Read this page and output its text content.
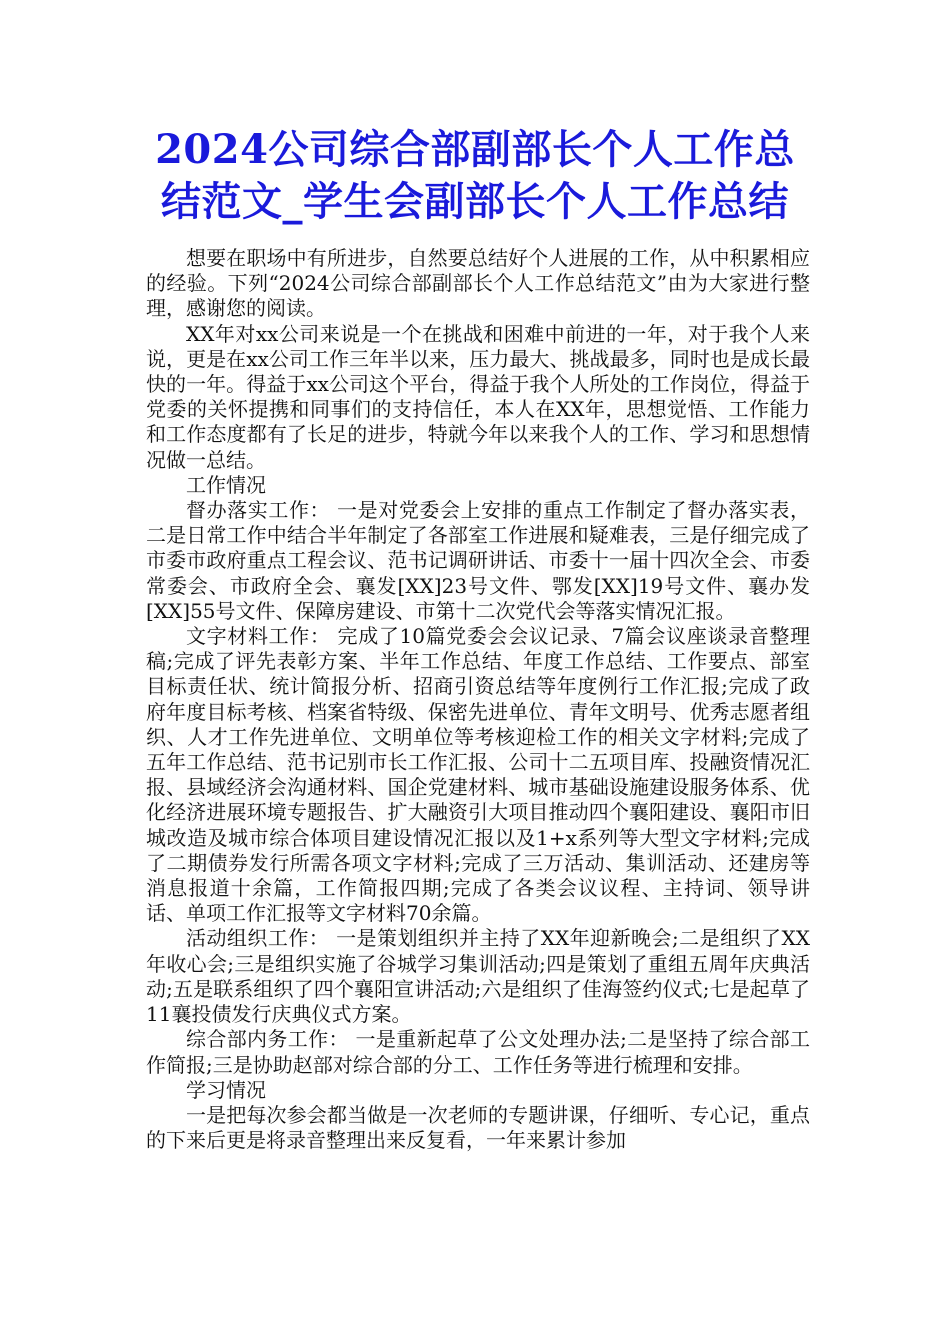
2024公司综合部副部长个人工作总
结范文_学生会副部长个人工作总结

想要在职场中有所进步，自然要总结好个人进展的工作，从中积累相应的经验。下列“2024公司综合部副部长个人工作总结范文”由为大家进行整理，感谢您的阅读。

XX年对xx公司来说是一个在挑战和困难中前进的一年，对于我个人来说，更是在xx公司工作三年半以来，压力最大、挑战最多，同时也是成长最快的一年。得益于xx公司这个平台，得益于我个人所处的工作岗位，得益于党委的关怀提携和同事们的支持信任，本人在XX年，思想觉悟、工作能力和工作态度都有了长足的进步，特就今年以来我个人的工作、学习和思想情况做一总结。

工作情况

督办落实工作： 一是对党委会上安排的重点工作制定了督办落实表，二是日常工作中结合半年制定了各部室工作进展和疑难表，三是仔细完成了市委市政府重点工程会议、范书记调研讲话、市委十一届十四次全会、市委常委会、市政府全会、襄发[XX]23号文件、鄂发[XX]19号文件、襄办发[XX]55号文件、保障房建设、市第十二次党代会等落实情况汇报。

文字材料工作： 完成了10篇党委会会议记录、7篇会议座谈录音整理稿;完成了评先表彰方案、半年工作总结、年度工作总结、工作要点、部室目标责任状、统计简报分析、招商引资总结等年度例行工作汇报;完成了政府年度目标考核、档案省特级、保密先进单位、青年文明号、优秀志愿者组织、人才工作先进单位、文明单位等考核迎检工作的相关文字材料;完成了五年工作总结、范书记别市长工作汇报、公司十二五项目库、投融资情况汇报、县域经济会沟通材料、国企党建材料、城市基础设施建设服务体系、优化经济进展环境专题报告、扩大融资引大项目推动四个襄阳建设、襄阳市旧城改造及城市综合体项目建设情况汇报以及1+x系列等大型文字材料;完成了二期债券发行所需各项文字材料;完成了三万活动、集训活动、还建房等消息报道十余篇，工作简报四期;完成了各类会议议程、主持词、领导讲话、单项工作汇报等文字材料70余篇。

活动组织工作： 一是策划组织并主持了XX年迎新晚会;二是组织了XX年收心会;三是组织实施了谷城学习集训活动;四是策划了重组五周年庆典活动;五是联系组织了四个襄阳宣讲活动;六是组织了佳海签约仪式;七是起草了11襄投债发行庆典仪式方案。

综合部内务工作： 一是重新起草了公文处理办法;二是坚持了综合部工作简报;三是协助赵部对综合部的分工、工作任务等进行梳理和安排。

学习情况

一是把每次参会都当做是一次老师的专题讲课，仔细听、专心记，重点的下来后更是将录音整理出来反复看，一年来累计参加
